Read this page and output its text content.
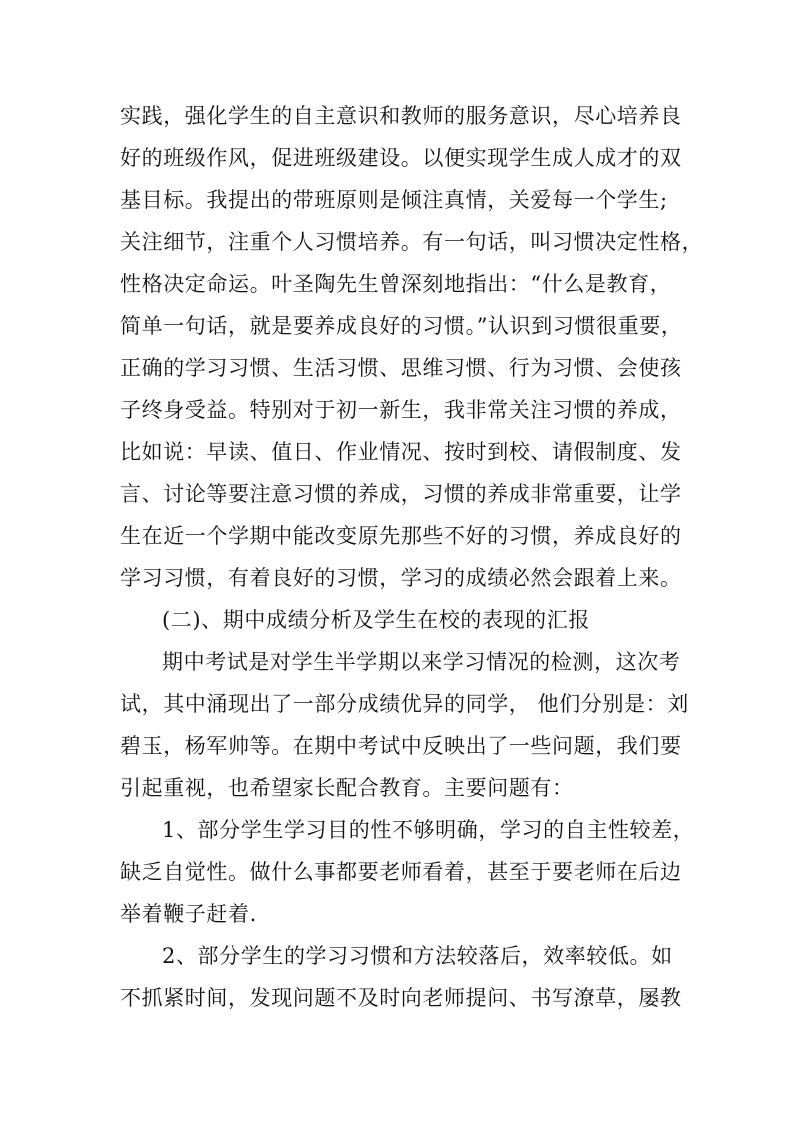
实践，强化学生的自主意识和教师的服务意识，尽心培养良
好的班级作风，促进班级建设。以便实现学生成人成才的双
基目标。我提出的带班原则是倾注真情，关爱每一个学生;
关注细节，注重个人习惯培养。有一句话，叫习惯决定性格，
性格决定命运。叶圣陶先生曾深刻地指出：“什么是教育，
简单一句话，就是要养成良好的习惯。”认识到习惯很重要，
正确的学习习惯、生活习惯、思维习惯、行为习惯、会使孩
子终身受益。特别对于初一新生，我非常关注习惯的养成，
比如说：早读、值日、作业情况、按时到校、请假制度、发
言、讨论等要注意习惯的养成，习惯的养成非常重要，让学
生在近一个学期中能改变原先那些不好的习惯，养成良好的
学习习惯，有着良好的习惯，学习的成绩必然会跟着上来。
(二)、期中成绩分析及学生在校的表现的汇报
期中考试是对学生半学期以来学习情况的检测，这次考
试，其中涌现出了一部分成绩优异的同学， 他们分别是：刘
碧玉，杨军帅等。在期中考试中反映出了一些问题，我们要
引起重视，也希望家长配合教育。主要问题有：
1、部分学生学习目的性不够明确，学习的自主性较差，
缺乏自觉性。做什么事都要老师看着，甚至于要老师在后边
举着鞭子赶着.
2、部分学生的学习习惯和方法较落后，效率较低。如
不抓紧时间，发现问题不及时向老师提问、书写潦草，屡教
